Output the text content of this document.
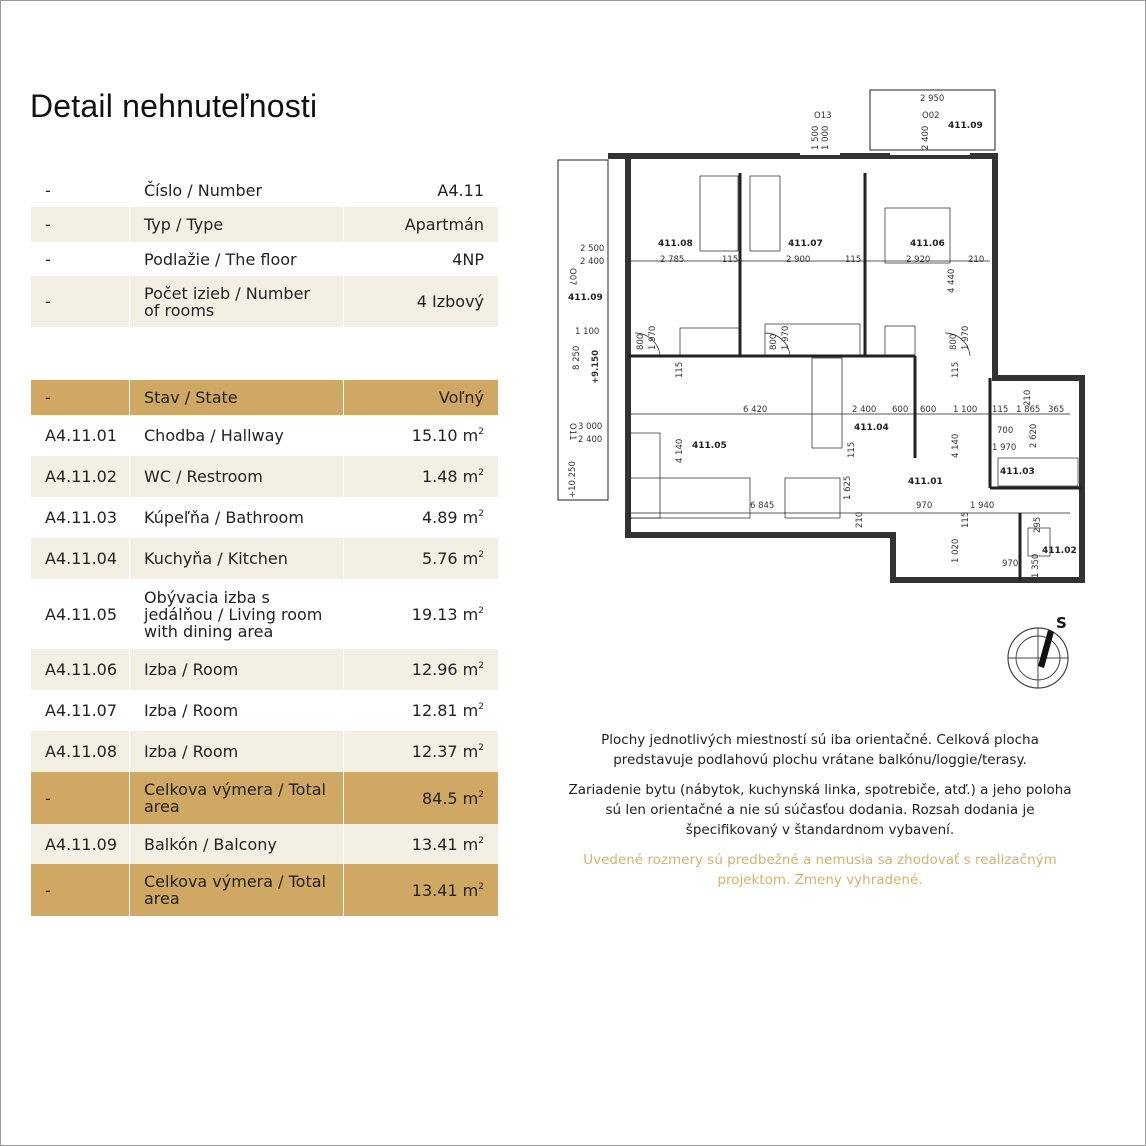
Detail nehnuteľnosti
-	Číslo / Number	A4.11
-	Typ / Type	Apartmán
-	Podlažie / The floor	4NP
-	Počet izieb / Number of rooms	4 Izbový
-	Stav / State	Voľný
A4.11.01	Chodba / Hallway	15.10 $m^2$
A4.11.02	WC / Restroom	1.48 $m^2$
A4.11.03	Kúpeľňa / Bathroom	4.89 $m^2$
A4.11.04	Kuchyňa / Kitchen	5.76 $m^2$
A4.11.05	Obývacia izba s jedálňou / Living room with dining area	19.13 $m^2$
A4.11.06	Izba / Room	12.96 $m^2$
A4.11.07	Izba / Room	12.81 $m^2$
A4.11.08	Izba / Room	12.37 $m^2$
-	Celkova výmera / Total area	84.5 $m^2$
A4.11.09	Balkón / Balcony	13.41 $m^2$
-	Celkova výmera / Total area	13.41 $m^2$
411.08	411.07	411.06
411.05
411.04
411.01
411.03
411.02
411.09
411.09
2 950
2 785	115	2 900	115	2 920	210
6 420
6 845	970	1 940
2 400 600 600 1 100 115 1 865 365
4 440
4 140	4 140
1 625
1 020
2 620
700
1 970
1 350
295
970
2 500
2 400
3 000
2 400
1 100
8 250 +9.150
+10.250
O13	O02
O07
O11
1 000
1 500	2 400
800 1 970	800 1 970	800 1 970
115
115
115
210
210
115
S

Plochy jednotlivých miestností sú iba orientačné. Celková plocha predstavuje podlahovú plochu vrátane balkónu/loggie/terasy.

Zariadenie bytu (nábytok, kuchynská linka, spotrebiče, atď.) a jeho poloha sú len orientačné a nie sú súčasťou dodania. Rozsah dodania je špecifikovaný v štandardnom vybavení.

Uvedené rozmery sú predbežné a nemusia sa zhodovať s realizačným projektom. Zmeny vyhradené.
